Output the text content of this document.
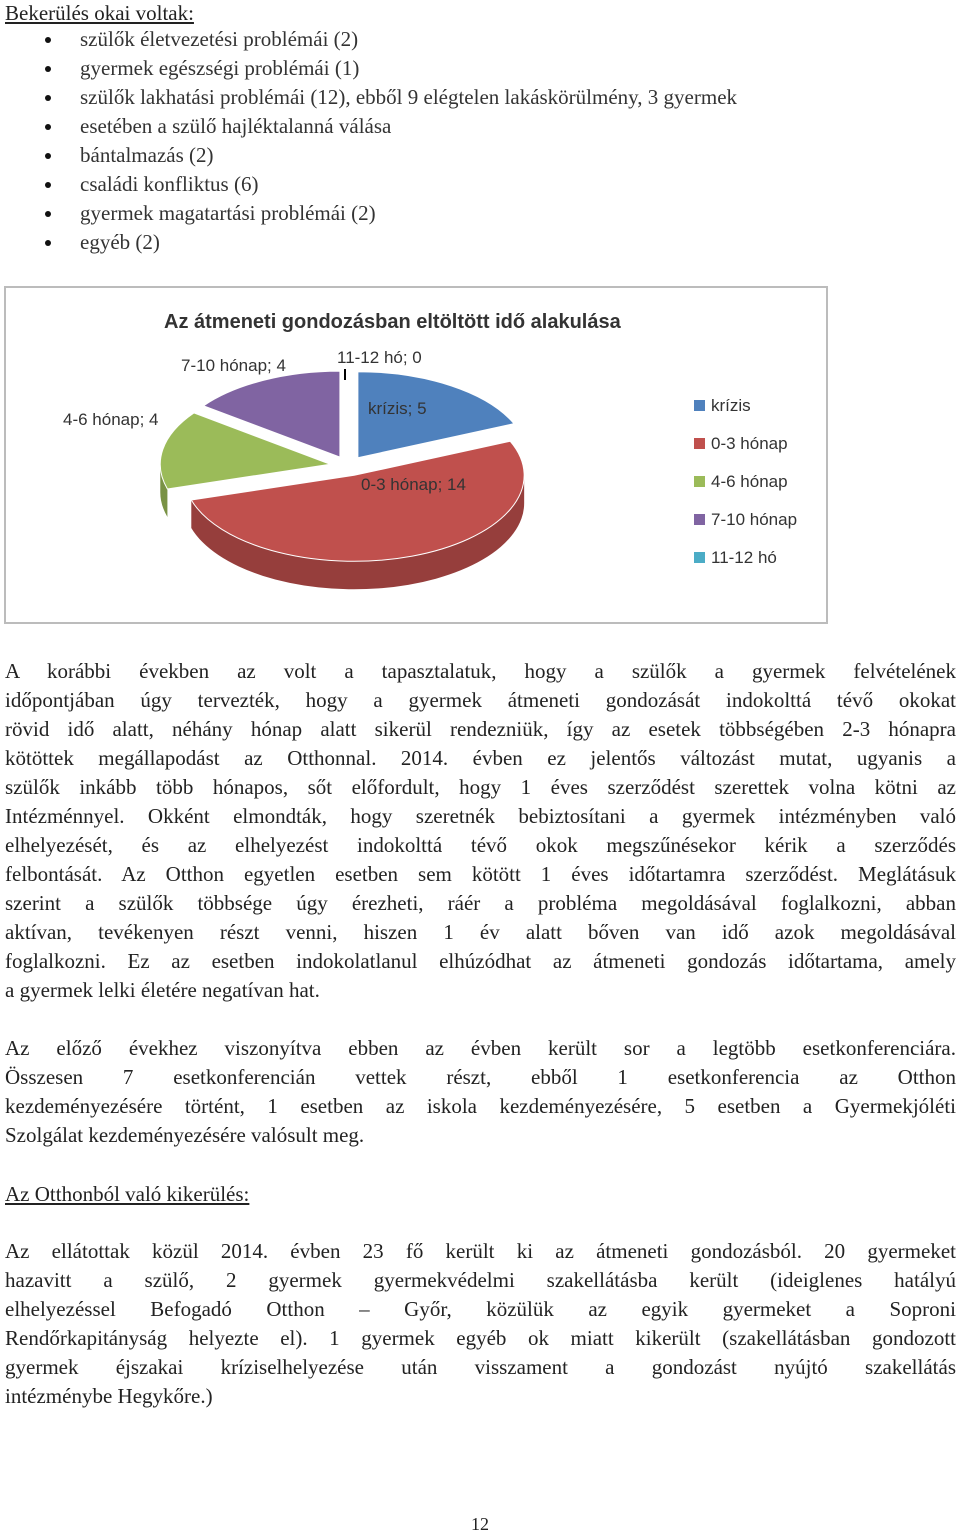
Bekerülés okai voltak:
szülők életvezetési problémái (2)
gyermek egészségi problémái (1)
szülők lakhatási problémái (12), ebből 9 elégtelen lakáskörülmény, 3 gyermek
esetében a szülő hajléktalanná válása
bántalmazás (2)
családi konfliktus (6)
gyermek magatartási problémái (2)
egyéb (2)
Az átmeneti gondozásban eltöltött idő alakulása
krízis; 5
0-3 hónap; 14
4-6 hónap; 4
7-10 hónap; 4	11-12 hó; 0
krízis
0-3 hónap
4-6 hónap
7-10 hónap
11-12 hó

A korábbi években az volt a tapasztalatuk, hogy a szülők a gyermek felvételének
időpontjában úgy tervezték, hogy a gyermek átmeneti gondozását indokolttá tévő okokat
rövid idő alatt, néhány hónap alatt sikerül rendezniük, így az esetek többségében 2-3 hónapra
kötöttek megállapodást az Otthonnal. 2014. évben ez jelentős változást mutat, ugyanis a
szülők inkább több hónapos, sőt előfordult, hogy 1 éves szerződést szerettek volna kötni az
Intézménnyel. Okként elmondták, hogy szeretnék bebiztosítani a gyermek intézményben való
elhelyezését, és az elhelyezést indokolttá tévő okok megszűnésekor kérik a szerződés
felbontását. Az Otthon egyetlen esetben sem kötött 1 éves időtartamra szerződést. Meglátásuk
szerint a szülők többsége úgy érezheti, ráér a probléma megoldásával foglalkozni, abban
aktívan, tevékenyen részt venni, hiszen 1 év alatt bőven van idő azok megoldásával
foglalkozni. Ez az esetben indokolatlanul elhúzódhat az átmeneti gondozás időtartama, amely
a gyermek lelki életére negatívan hat.

Az előző évekhez viszonyítva ebben az évben került sor a legtöbb esetkonferenciára.
Összesen 7 esetkonferencián vettek részt, ebből 1 esetkonferencia az Otthon
kezdeményezésére történt, 1 esetben az iskola kezdeményezésére, 5 esetben a Gyermekjóléti
Szolgálat kezdeményezésére valósult meg.

Az Otthonból való kikerülés:

Az ellátottak közül 2014. évben 23 fő került ki az átmeneti gondozásból. 20 gyermeket
hazavitt a szülő, 2 gyermek gyermekvédelmi szakellátásba került (ideiglenes hatályú
elhelyezéssel Befogadó Otthon – Győr, közülük az egyik gyermeket a Soproni
Rendőrkapitányság helyezte el). 1 gyermek egyéb ok miatt kikerült (szakellátásban gondozott
gyermek éjszakai kríziselhelyezése után visszament a gondozást nyújtó szakellátás
intézménybe Hegykőre.)

12
